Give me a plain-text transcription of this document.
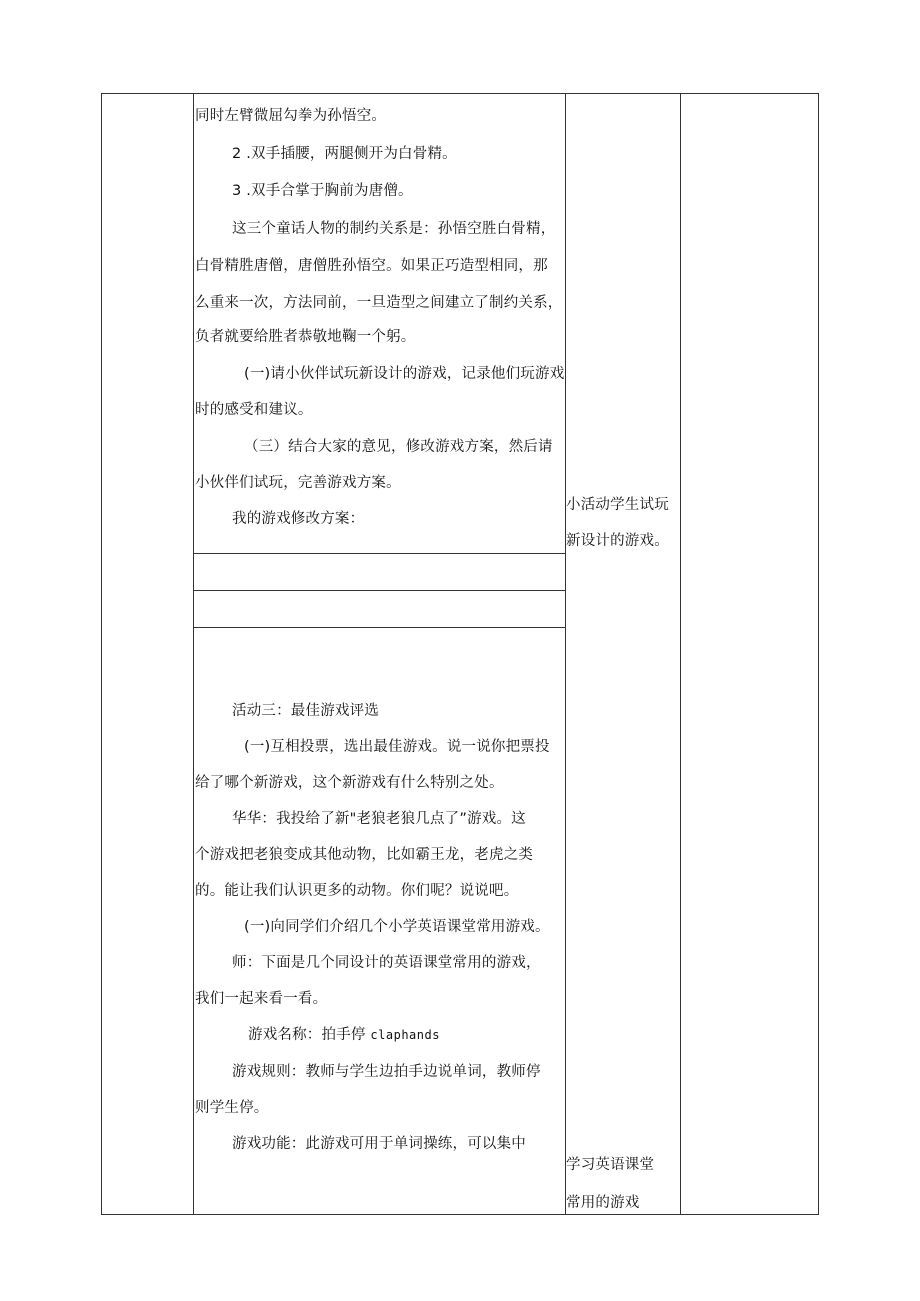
同时左臂微屈勾拳为孙悟空。
2 .双手插腰，两腿侧开为白骨精。
3 .双手合掌于胸前为唐僧。
这三个童话人物的制约关系是：孙悟空胜白骨精，
白骨精胜唐僧，唐僧胜孙悟空。如果正巧造型相同，那
么重来一次，方法同前，一旦造型之间建立了制约关系，
负者就要给胜者恭敬地鞠一个躬。
(一)请小伙伴试玩新设计的游戏，记录他们玩游戏
时的感受和建议。
（三）结合大家的意见，修改游戏方案，然后请
小伙伴们试玩，完善游戏方案。
我的游戏修改方案：
活动三：最佳游戏评选
(一)互相投票，选出最佳游戏。说一说你把票投
给了哪个新游戏，这个新游戏有什么特别之处。
华华：我投给了新"老狼老狼几点了”游戏。这
个游戏把老狼变成其他动物，比如霸王龙，老虎之类
的。能让我们认识更多的动物。你们呢？说说吧。
(一)向同学们介绍几个小学英语课堂常用游戏。
师：下面是几个同设计的英语课堂常用的游戏，
我们一起来看一看。
游戏名称：拍手停 claphands
游戏规则：教师与学生边拍手边说单词，教师停
则学生停。
游戏功能：此游戏可用于单词操练，可以集中
小活动学生试玩
新设计的游戏。
学习英语课堂
常用的游戏
